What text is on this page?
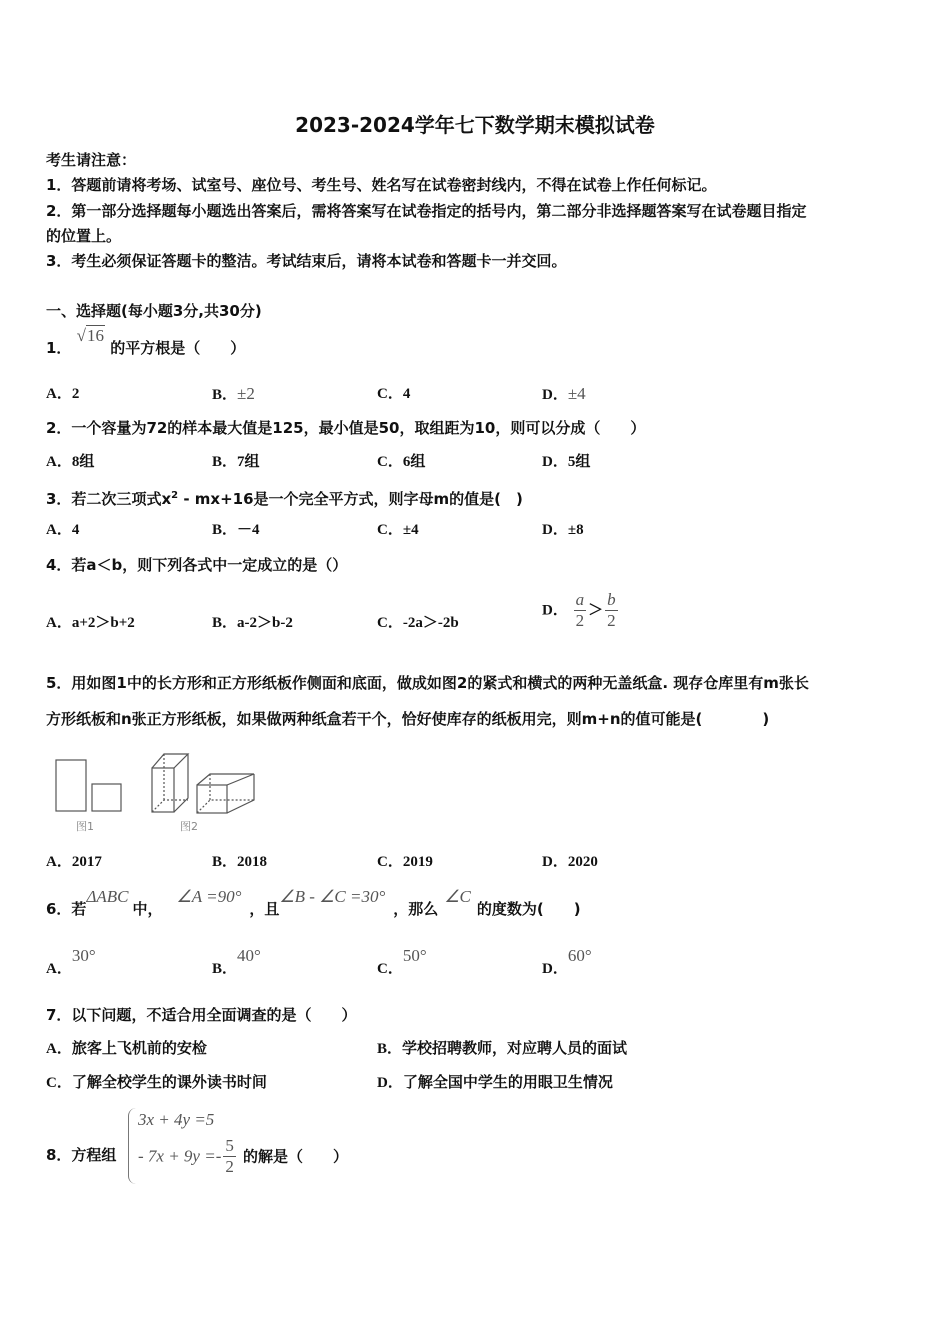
2023-2024学年七下数学期末模拟试卷
考生请注意：
1．答题前请将考场、试室号、座位号、考生号、姓名写在试卷密封线内，不得在试卷上作任何标记。
2．第一部分选择题每小题选出答案后，需将答案写在试卷指定的括号内，第二部分非选择题答案写在试卷题目指定
的位置上。
3．考生必须保证答题卡的整洁。考试结束后，请将本试卷和答题卡一并交回。
一、选择题(每小题3分,共30分)
1． √16 的平方根是（　　）
A．2	B．±2	C．4	D．±4
2．一个容量为72的样本最大值是125，最小值是50，取组距为10，则可以分成（　　）
A．8组	B．7组	C．6组	D．5组
3．若二次三项式$x^2 - mx+16$是一个完全平方式，则字母m的值是(　)
A．4	B．－4	C．±4	D．±8
4．若a＜b，则下列各式中一定成立的是（）
A．a+2＞b+2	B．a-2＞b-2	C．-2a＞-2b
D． $\frac{a}{2} > \frac{b}{2}$
5．用如图1中的长方形和正方形纸板作侧面和底面，做成如图2的紧式和横式的两种无盖纸盒. 现存仓库里有m张长
方形纸板和n张正方形纸板，如果做两种纸盒若干个，恰好使库存的纸板用完，则m+n的值可能是(　　　　)
图1	图2
A．2017	B．2018	C．2019	D．2020
6．若ΔABC中，∠A =90°，且∠B - ∠C =30°，那么∠C的度数为(　　)
A．30°
B．40°
C．50°
D．60°
7．以下问题，不适合用全面调查的是（　　）
A．旅客上飞机前的安检	B．学校招聘教师，对应聘人员的面试
C．了解全校学生的课外读书时间	D．了解全国中学生的用眼卫生情况
8．方程组
3x + 4y =5
- $7x + 9y =- \frac{5}{2}$ 的解是（　　）
